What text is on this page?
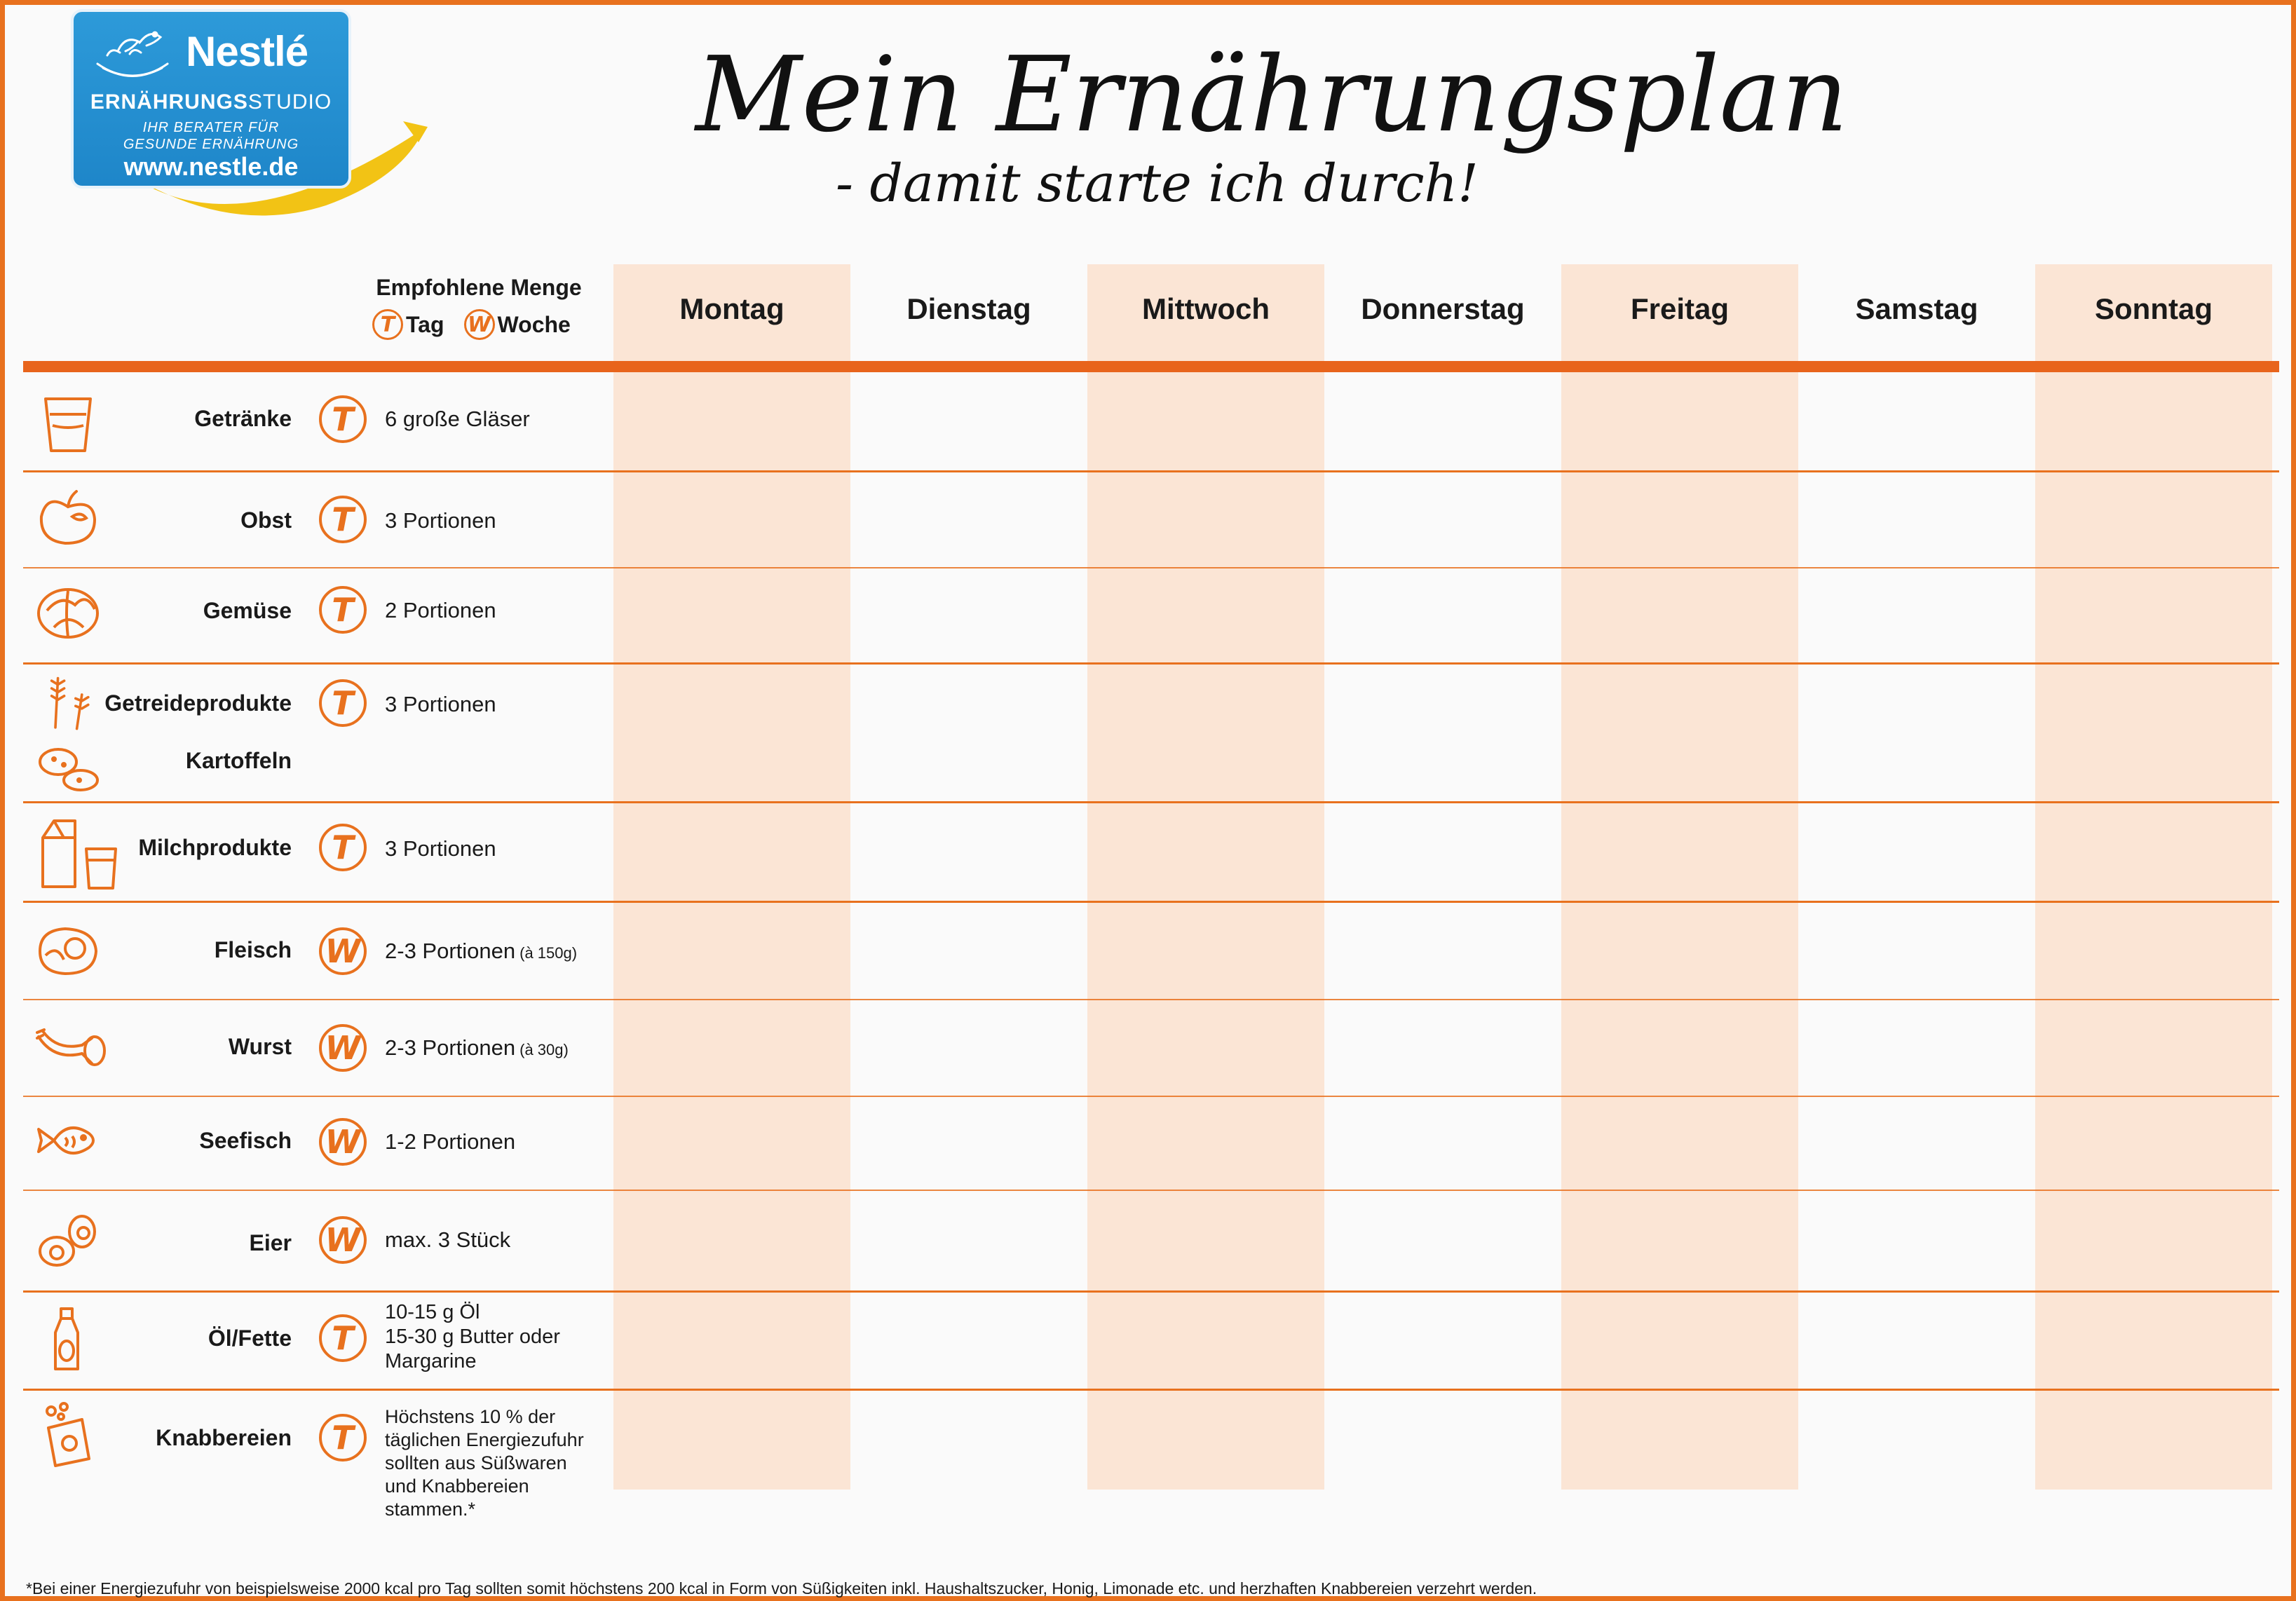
Nestlé
ERNÄHRUNGSSTUDIO
IHR BERATER FÜR
GESUNDE ERNÄHRUNG
www.nestle.de
Mein Ernährungsplan
- damit starte ich durch!
Empfohlene Menge
T Tag W Woche	Montag	Dienstag	Mittwoch	Donnerstag	Freitag	Samstag	Sonntag
Getränke	T	6 große Gläser
Obst	T	3 Portionen
Gemüse	T	2 Portionen
Getreideprodukte
Kartoffeln
T	3 Portionen
Milchprodukte	T	3 Portionen
Fleisch W 2-3 Portionen (à 150g)
Wurst W 2-3 Portionen (à 30g)
Seefisch W 1-2 Portionen
Eier W max. 3 Stück
Öl/Fette	T
10-15 g Öl
15-30 g Butter oder
Margarine
Knabbereien	T
Höchstens 10 % der
täglichen Energiezufuhr
sollten aus Süßwaren
und Knabbereien
stammen.*
*Bei einer Energiezufuhr von beispielsweise 2000 kcal pro Tag sollten somit höchstens 200 kcal in Form von Süßigkeiten inkl. Haushaltszucker, Honig, Limonade etc. und herzhaften Knabbereien verzehrt werden.
